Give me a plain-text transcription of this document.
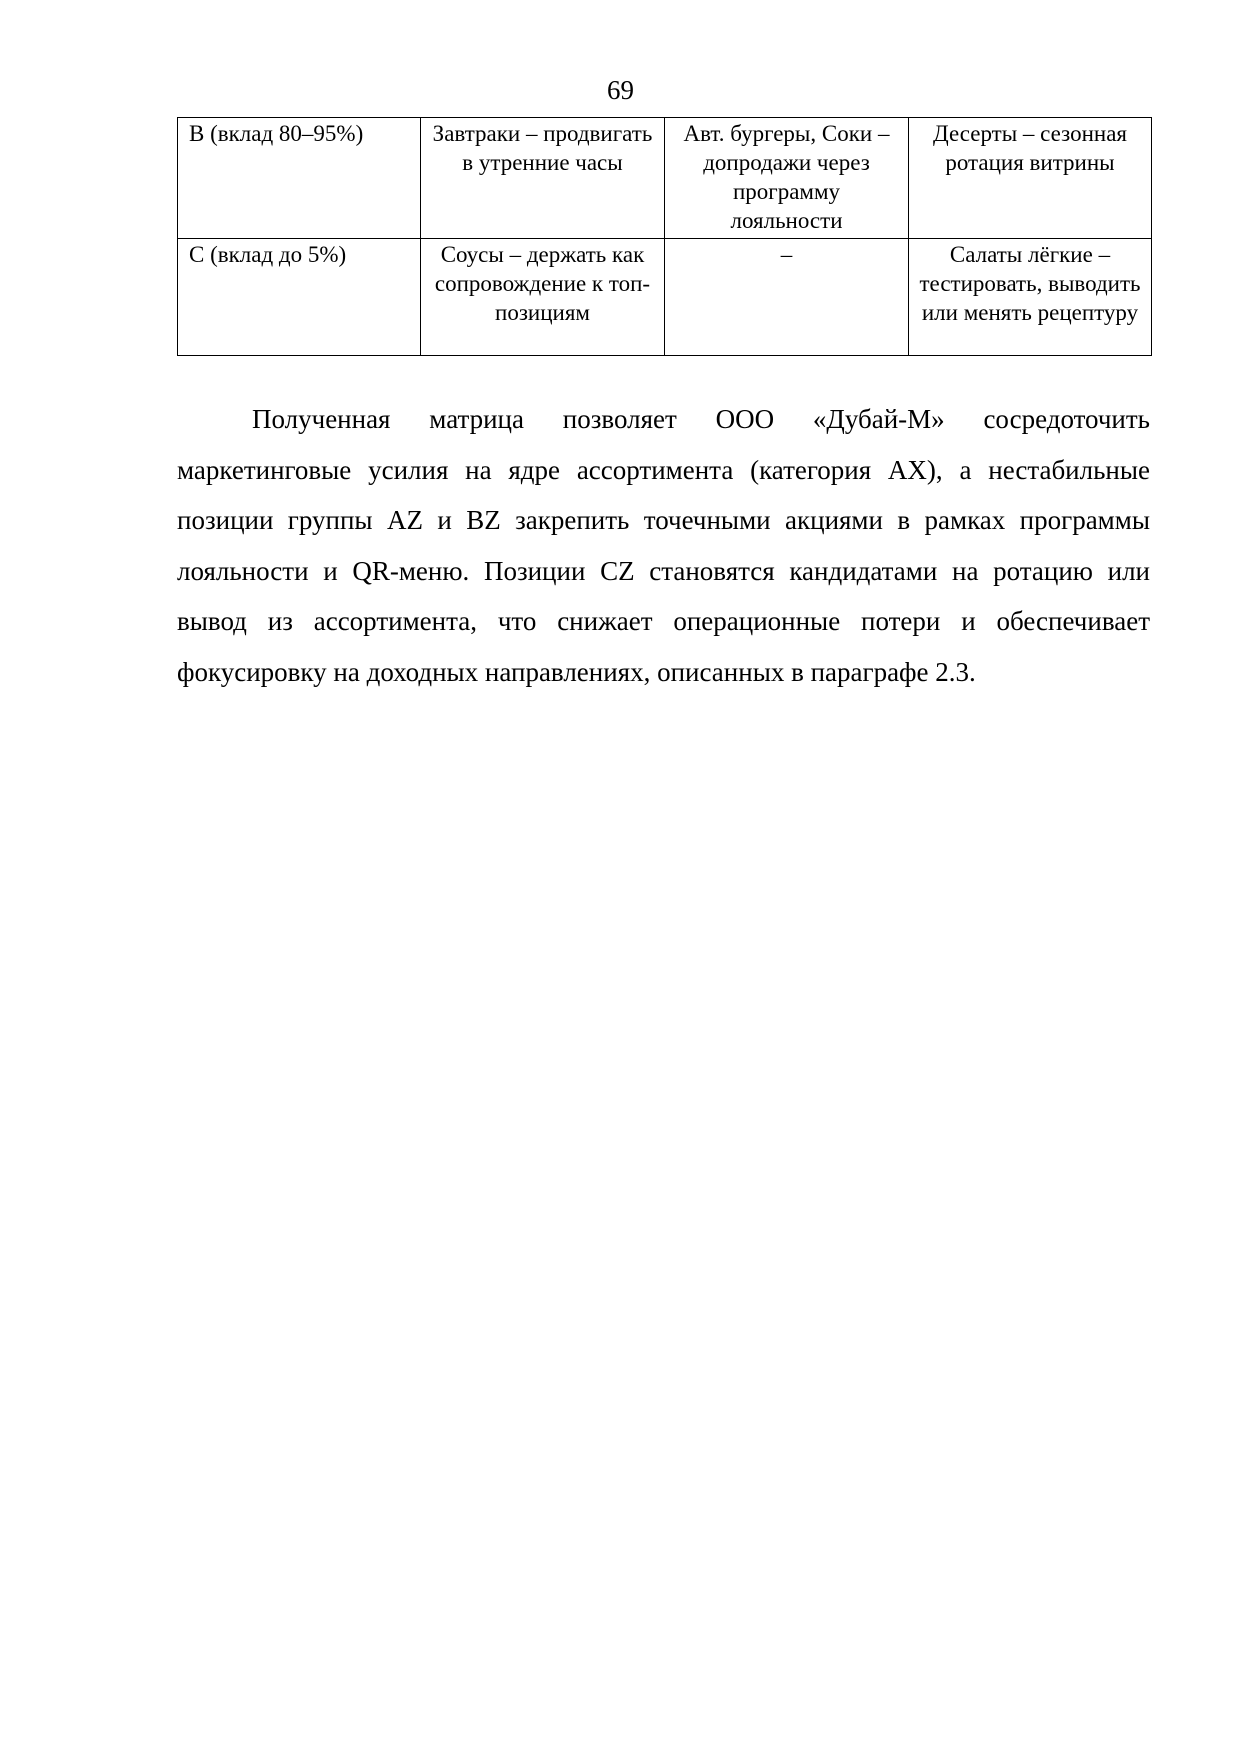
69
B (вклад 80–95%)	Завтраки – продвигать в утренние часы	Авт. бургеры, Соки – допродажи через программу лояльности	Десерты – сезонная ротация витрины
C (вклад до 5%)	Соусы – держать как сопровождение к топ-позициям	–	Салаты лёгкие – тестировать, выводить или менять рецептуру

Полученная матрица позволяет ООО «Дубай-М» сосредоточить маркетинговые усилия на ядре ассортимента (категория AX), а нестабильные позиции группы AZ и BZ закрепить точечными акциями в рамках программы лояльности и QR-меню. Позиции CZ становятся кандидатами на ротацию или вывод из ассортимента, что снижает операционные потери и обеспечивает фокусировку на доходных направлениях, описанных в параграфе 2.3.
